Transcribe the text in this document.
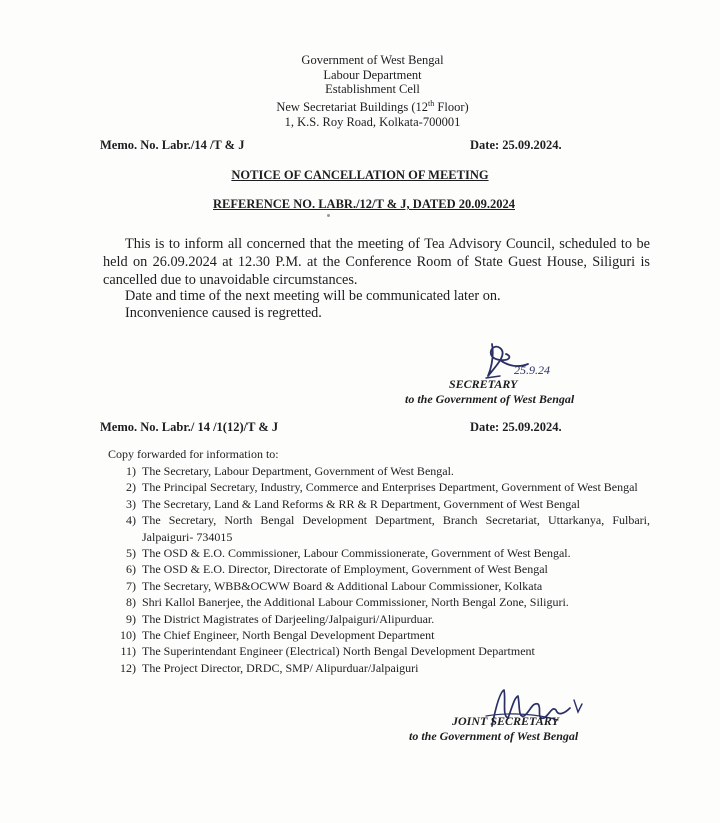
Government of West Bengal
Labour Department
Establishment Cell
New Secretariat Buildings (12th Floor)
1, K.S. Roy Road, Kolkata-700001
Memo. No. Labr./14 /T & J	Date: 25.09.2024.
NOTICE OF CANCELLATION OF MEETING
REFERENCE NO. LABR./12/T & J, DATED 20.09.2024
This is to inform all concerned that the meeting of Tea Advisory Council, scheduled to be held on 26.09.2024 at 12.30 P.M. at the Conference Room of State Guest House, Siliguri is cancelled due to unavoidable circumstances.
Date and time of the next meeting will be communicated later on.
Inconvenience caused is regretted.
25.9.24
SECRETARY
to the Government of West Bengal
Memo. No. Labr./ 14 /1(12)/T & J	Date: 25.09.2024.
Copy forwarded for information to:
1) The Secretary, Labour Department, Government of West Bengal.
2) The Principal Secretary, Industry, Commerce and Enterprises Department, Government of West Bengal
3) The Secretary, Land & Land Reforms & RR & R Department, Government of West Bengal
4) The Secretary, North Bengal Development Department, Branch Secretariat, Uttarkanya, Fulbari, Jalpaiguri- 734015
5) The OSD & E.O. Commissioner, Labour Commissionerate, Government of West Bengal.
6) The OSD & E.O. Director, Directorate of Employment, Government of West Bengal
7) The Secretary, WBB&OCWW Board & Additional Labour Commissioner, Kolkata
8) Shri Kallol Banerjee, the Additional Labour Commissioner, North Bengal Zone, Siliguri.
9) The District Magistrates of Darjeeling/Jalpaiguri/Alipurduar.
10) The Chief Engineer, North Bengal Development Department
11) The Superintendant Engineer (Electrical) North Bengal Development Department
12) The Project Director, DRDC, SMP/ Alipurduar/Jalpaiguri
JOINT SECRETARY
to the Government of West Bengal
